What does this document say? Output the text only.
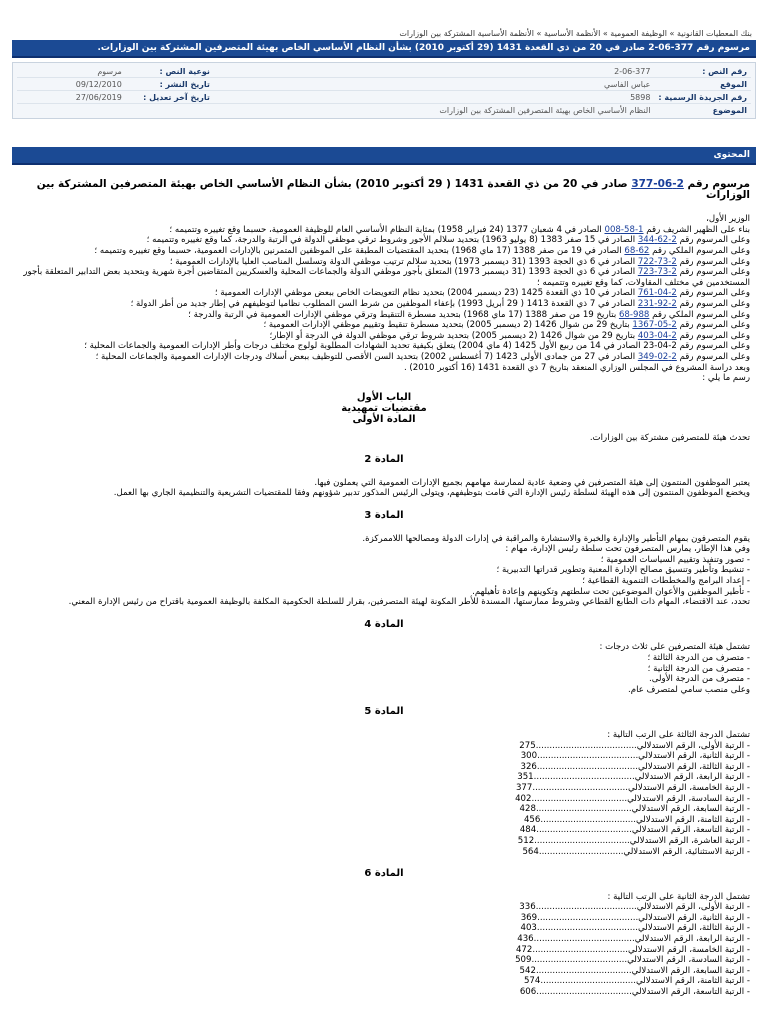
بنك المعطيات القانونية » الوظيفة العمومية » الأنظمة الأساسية » الأنظمة الأساسية المشتركة بين الوزارات
مرسوم رقم 377-06-2 صادر في 20 من ذي القعدة 1431 (29 أكتوبر 2010) بشأن النظام الأساسي الخاص بهيئة المتصرفين المشتركة بين الوزارات.
رقم النص :	2-06-377	نوعية النص :	مرسوم
الموقع	عباس الفاسي	تاريخ النشر :	09/12/2010
رقم الجريدة الرسمية :	5898	تاريخ آخر تعديل :	27/06/2019
الموضوع	النظام الأساسي الخاص بهيئة المتصرفين المشتركة بين الوزارات		
المحتوى
مرسوم رقم 2-06-377 صادر في 20 من ذي القعدة 1431 ( 29 أكتوبر 2010) بشأن النظام الأساسي الخاص بهيئة المتصرفين المشتركة بين الوزارات

الوزير الأول،

بناء على الظهير الشريف رقم 1-58-008 الصادر في 4 شعبان 1377 (24 فبراير 1958) بمثابة النظام الأساسي العام للوظيفة العمومية، حسبما وقع تغييره وتتميمه ؛

وعلى المرسوم رقم 2-62-344 الصادر في 15 صفر 1383 (8 يوليو 1963) بتحديد سلالم الأجور وشروط ترقي موظفي الدولة في الرتبة والدرجة، كما وقع تغييره وتتميمه ؛

وعلى المرسوم الملكي رقم 62-68 الصادر في 19 من صفر 1388 (17 ماي 1968) بتحديد المقتضيات المطبقة على الموظفين المتمرنين بالإدارات العمومية، حسبما وقع تغييره وتتميمه ؛

وعلى المرسوم رقم 2-73-722 الصادر في 6 ذي الحجة 1393 (31 ديسمبر 1973) بتحديد سلالم ترتيب موظفي الدولة وتسلسل المناصب العليا بالإدارات العمومية ؛

وعلى المرسوم رقم 2-73-723 الصادر في 6 ذي الحجة 1393 (31 ديسمبر 1973) المتعلق بأجور موظفي الدولة والجماعات المحلية والعسكريين المتقاضين أجرة شهرية وبتحديد بعض التدابير المتعلقة بأجور المستخدمين في مختلف المقاولات، كما وقع تغييره وتتميمه ؛

وعلى المرسوم رقم 2-04-761 الصادر في 10 ذي القعدة 1425 (23 ديسمبر 2004) بتحديد نظام التعويضات الخاص ببعض موظفي الإدارات العمومية ؛

وعلى المرسوم رقم 2-92-231 الصادر في 7 ذي القعدة 1413 ( 29 أبريل 1993) بإعفاء الموظفين من شرط السن المطلوب نظاميا لتوظيفهم في إطار جديد من أطر الدولة ؛

وعلى المرسوم الملكي رقم 988-68 بتاريخ 19 من صفر 1388 (17 ماي 1968) بتحديد مسطرة التنقيط وترقي موظفي الإدارات العمومية في الرتبة والدرجة ؛

وعلى المرسوم رقم 2-05-1367 بتاريخ 29 من شوال 1426 (2 ديسمبر 2005) بتحديد مسطرة تنقيط وتقييم موظفي الإدارات العمومية ؛

وعلى المرسوم رقم 2-04-403 بتاريخ 29 من شوال 1426 (2 ديسمبر 2005) بتحديد شروط ترقي موظفي الدولة في الدرجة أو الإطار؛

وعلى المرسوم رقم 2-04-23 الصادر في 14 من ربيع الأول 1425 (4 ماي 2004) يتعلق بكيفية تحديد الشهادات المطلوبة لولوج مختلف درجات وأطر الإدارات العمومية والجماعات المحلية ؛

وعلى المرسوم رقم 2-02-349 الصادر في 27 من جمادى الأولى 1423 (7 أغسطس 2002) بتحديد السن الأقصى للتوظيف ببعض أسلاك ودرجات الإدارات العمومية والجماعات المحلية ؛

وبعد دراسة المشروع في المجلس الوزاري المنعقد بتاريخ 7 ذي القعدة 1431 (16 أكتوبر 2010) .

رسم ما يلي :

الباب الأول
مقتضيات تمهيدية
المادة الأولى

تحدث هيئة للمتصرفين مشتركة بين الوزارات.

المادة 2

يعتبر الموظفون المنتمون إلى هيئة المتصرفين في وضعية عادية لممارسة مهامهم بجميع الإدارات العمومية التي يعملون فيها.

ويخضع الموظفون المنتمون إلى هذه الهيئة لسلطة رئيس الإدارة التي قامت بتوظيفهم، ويتولى الرئيس المذكور تدبير شؤونهم وفقا للمقتضيات التشريعية والتنظيمية الجاري بها العمل.

المادة 3

يقوم المتصرفون بمهام التأطير والإدارة والخبرة والاستشارة والمراقبة في إدارات الدولة ومصالحها اللاممركزة.

وفي هذا الإطار، يمارس المتصرفون تحت سلطة رئيس الإدارة، مهام :

- تصور وتنفيذ وتقييم السياسات العمومية ؛

- تنشيط وتأطير وتنسيق مصالح الإدارة المعنية وتطوير قدراتها التدبيرية ؛

- إعداد البرامج والمخططات التنموية القطاعية ؛

- تأطير الموظفين والأعوان الموضوعين تحت سلطتهم وتكوينهم وإعادة تأهيلهم.

تحدد، عند الاقتضاء، المهام ذات الطابع القطاعي وشروط ممارستها، المسندة للأطر المكونة لهيئة المتصرفين، بقرار للسلطة الحكومية المكلفة بالوظيفة العمومية باقتراح من رئيس الإدارة المعني.

المادة 4

تشتمل هيئة المتصرفين على ثلاث درجات :

- متصرف من الدرجة الثالثة ؛

- متصرف من الدرجة الثانية ؛

- متصرف من الدرجة الأولى.

وعلى منصب سامي لمتصرف عام.

المادة 5

تشتمل الدرجة الثالثة على الرتب التالية :

- الرتبة الأولى، الرقم الاستدلالي.....................................275
- الرتبة الثانية، الرقم الاستدلالي.....................................300
- الرتبة الثالثة، الرقم الاستدلالي.....................................326
- الرتبة الرابعة، الرقم الاستدلالي.....................................351
- الرتبة الخامسة، الرقم الاستدلالي...................................377
- الرتبة السادسة، الرقم الاستدلالي...................................402
- الرتبة السابعة، الرقم الاستدلالي...................................428
- الرتبة الثامنة، الرقم الاستدلالي...................................456
- الرتبة التاسعة، الرقم الاستدلالي...................................484
- الرتبة العاشرة، الرقم الاستدلالي...................................512
- الرتبة الاستثنائية، الرقم الاستدلالي...............................564
المادة 6

تشتمل الدرجة الثانية على الرتب التالية :

- الرتبة الأولى، الرقم الاستدلالي.....................................336
- الرتبة الثانية، الرقم الاستدلالي.....................................369
- الرتبة الثالثة، الرقم الاستدلالي.....................................403
- الرتبة الرابعة، الرقم الاستدلالي.....................................436
- الرتبة الخامسة، الرقم الاستدلالي...................................472
- الرتبة السادسة، الرقم الاستدلالي...................................509
- الرتبة السابعة، الرقم الاستدلالي...................................542
- الرتبة الثامنة، الرقم الاستدلالي...................................574
- الرتبة التاسعة، الرقم الاستدلالي...................................606
